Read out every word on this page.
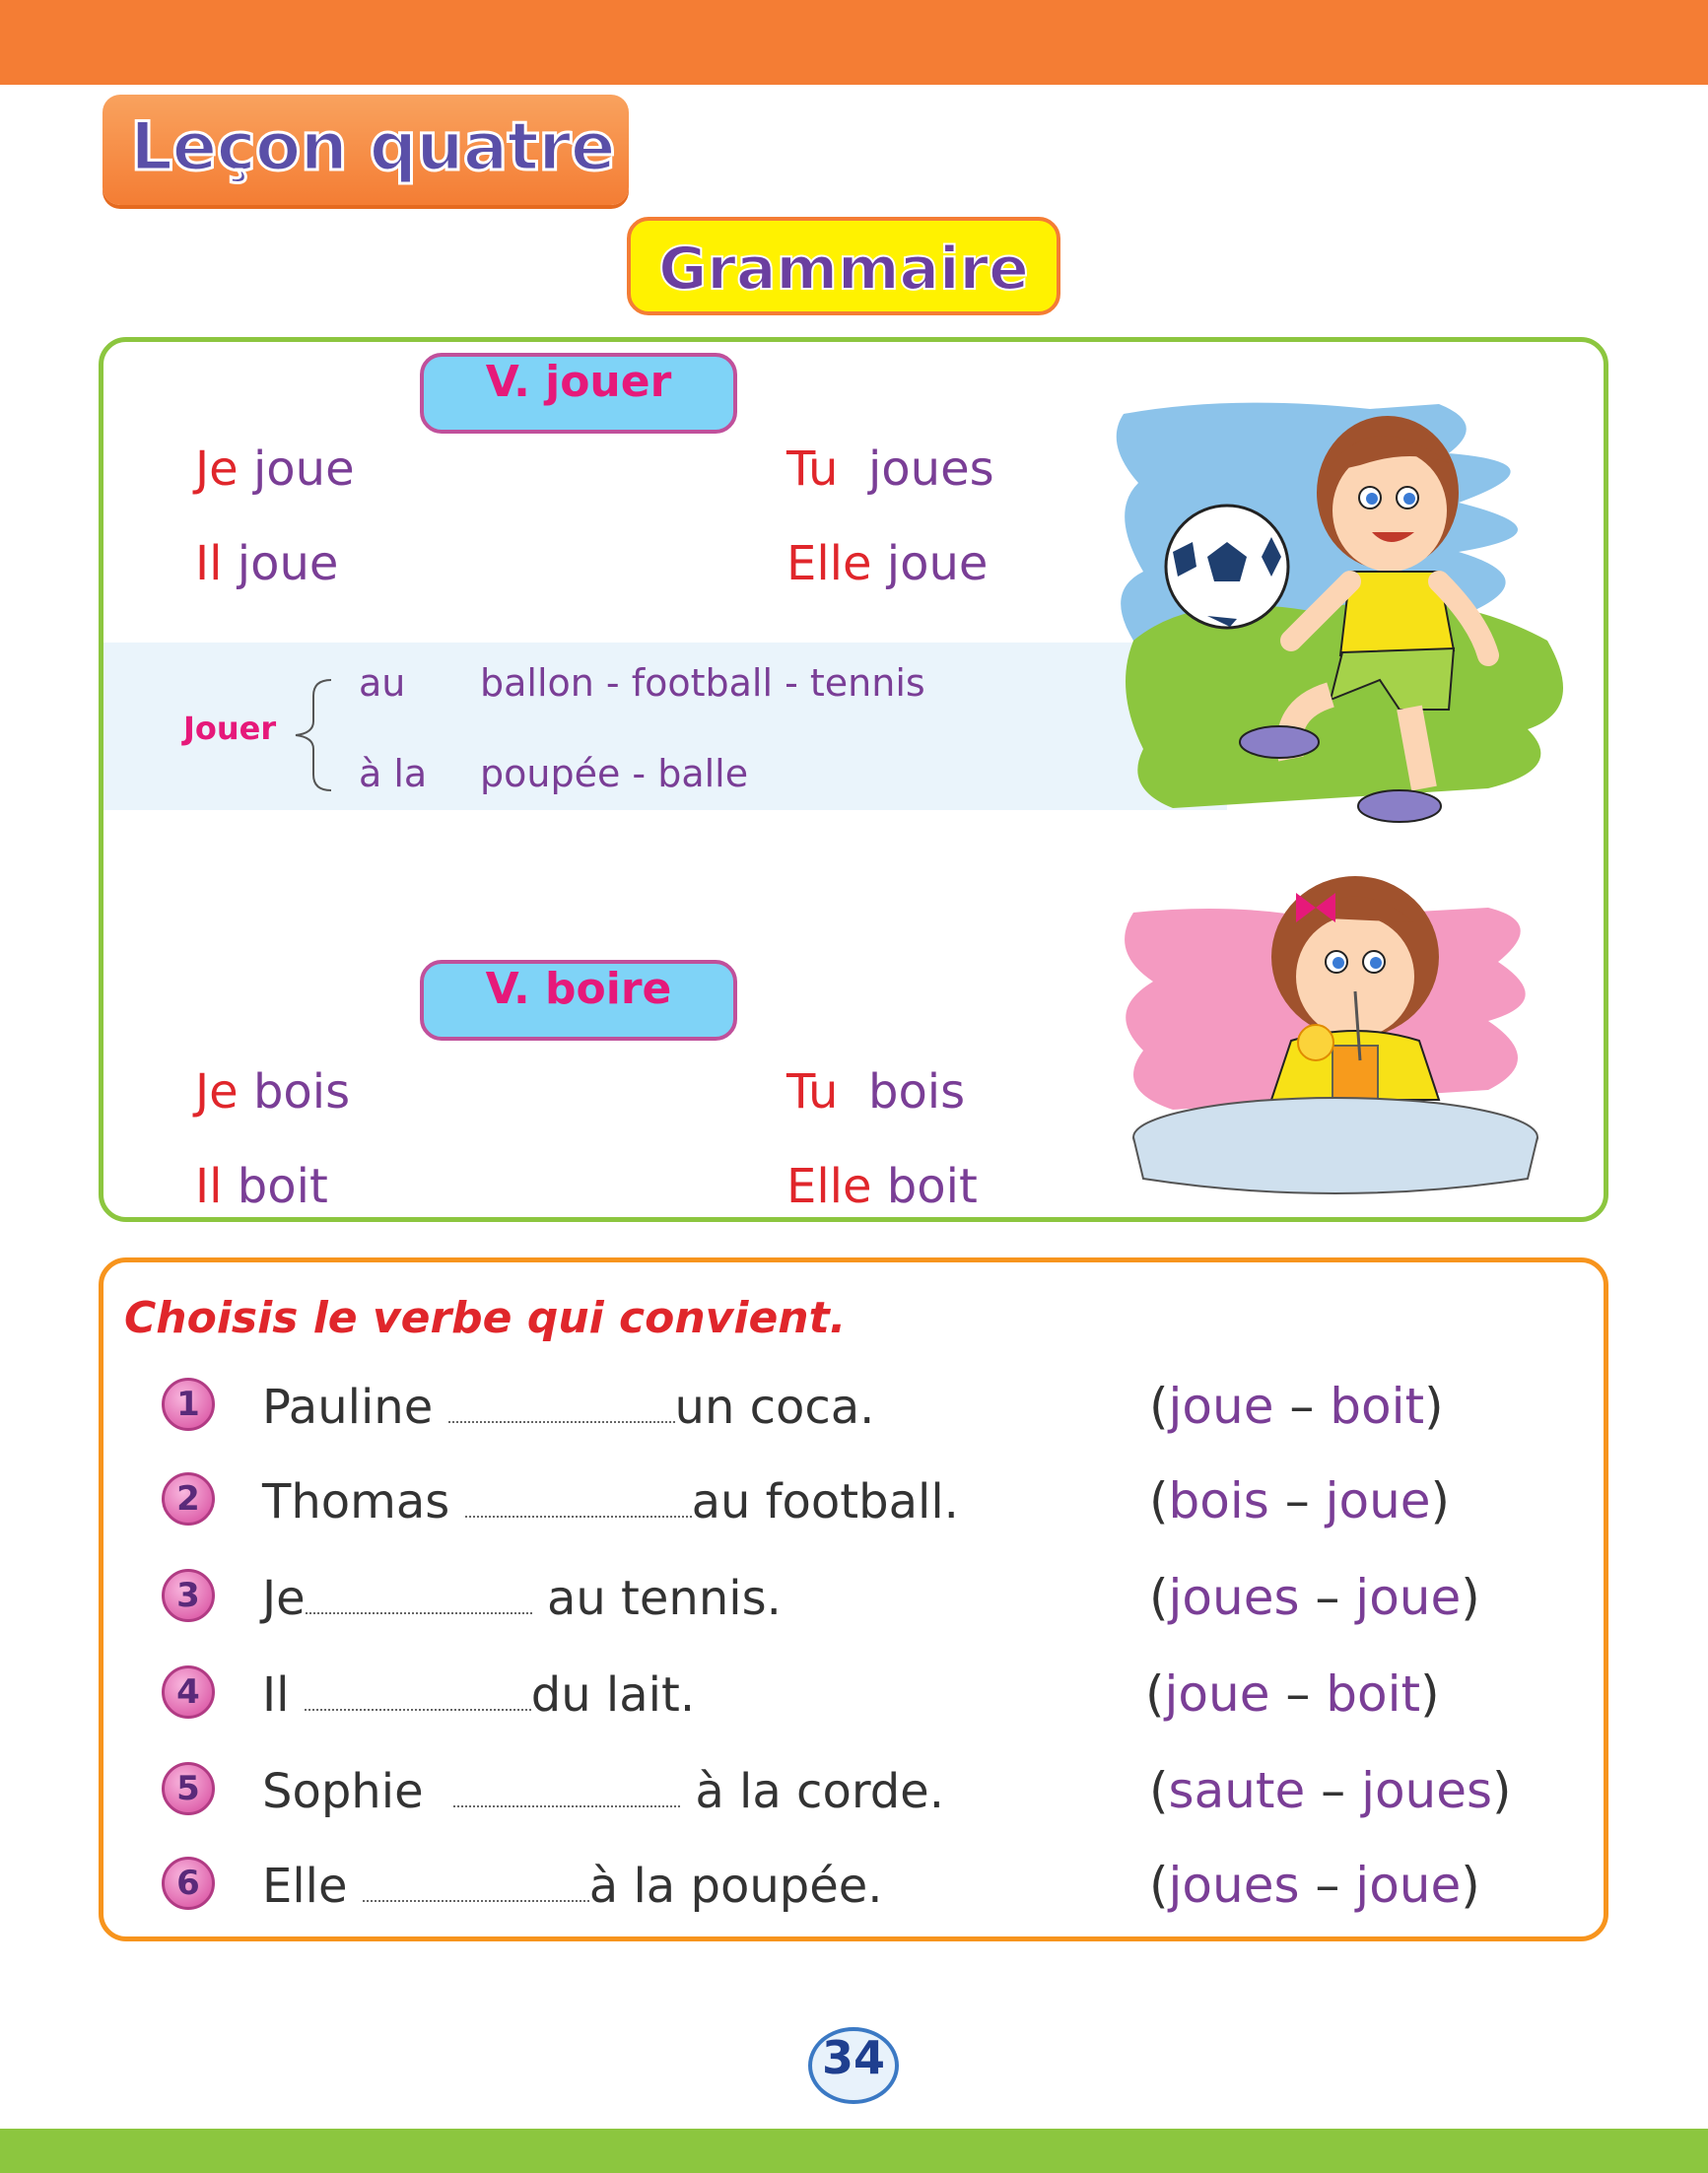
Leçon quatre
Grammaire
V. jouer
Je joue	Tu joues
Il joue	Elle joue
Jouer
au ballon - football - tennis
à la poupée - balle
V. boire
Je bois	Tu bois
Il boit	Elle boit
Choisis le verbe qui convient.
1	Pauline	un coca.	(joue – boit)
2	Thomas	au football.	(bois – joue)
3	Je	au tennis.	(joues – joue)
4	Il	du lait.	(joue – boit)
5	Sophie	à la corde.	(saute – joues)
6	Elle	à la poupée.	(joues – joue)
34
